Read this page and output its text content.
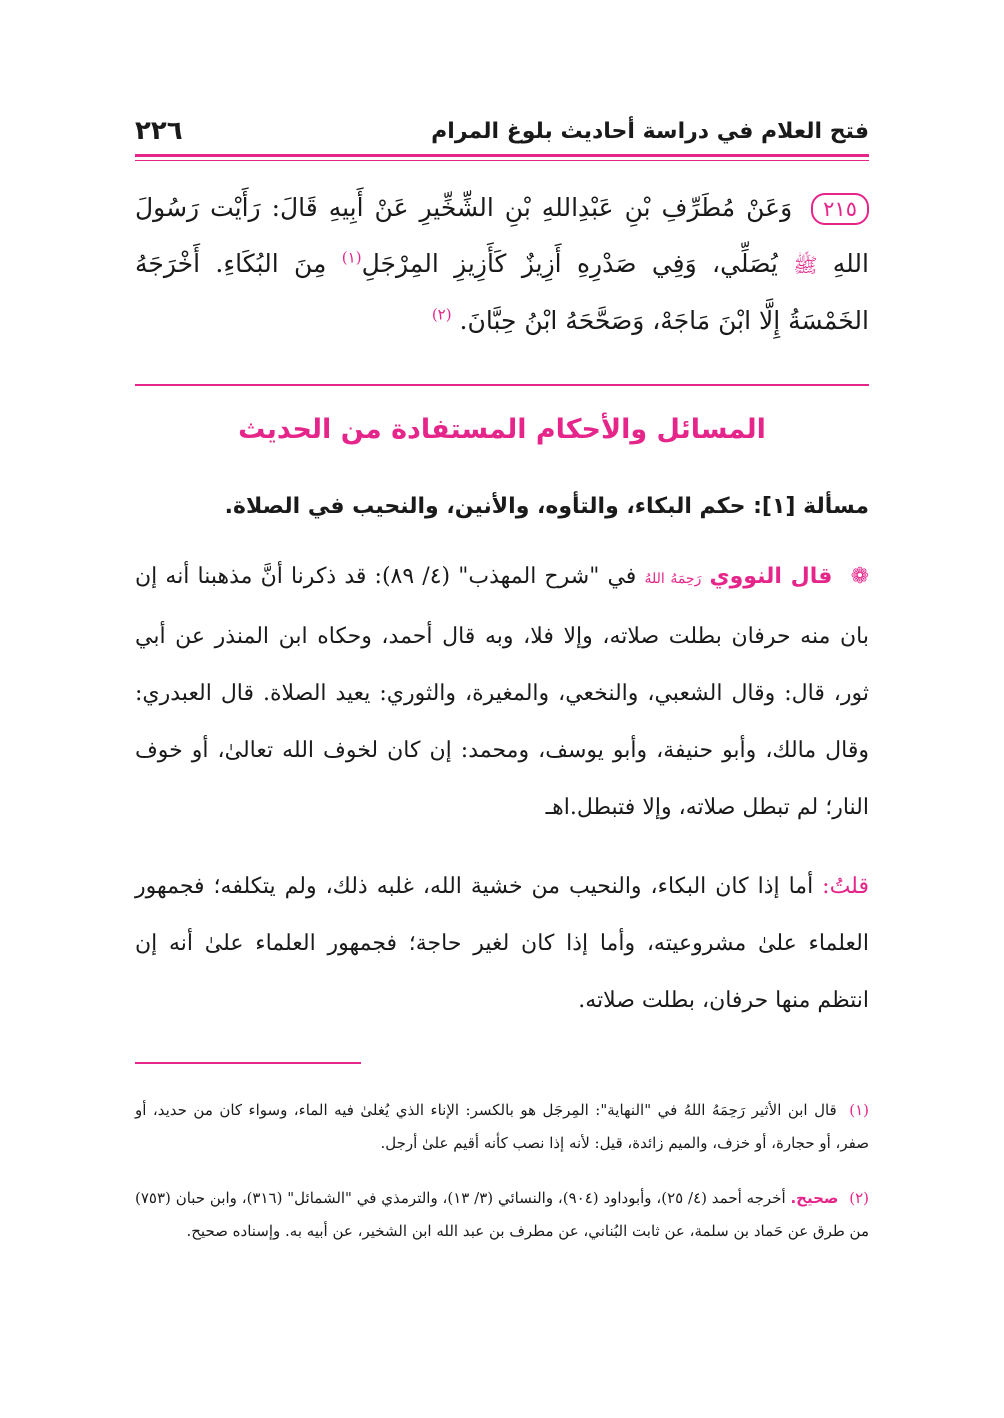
فتح العلام في دراسة أحاديث بلوغ المرام
٢٢٦
٢١٥ وَعَنْ مُطَرِّفِ بْنِ عَبْدِاللهِ بْنِ الشِّخِّيرِ عَنْ أَبِيهِ قَالَ: رَأَيْت رَسُولَ اللهِ ﷺ يُصَلِّي، وَفِي صَدْرِهِ أَزِيزٌ كَأَزِيزِ المِرْجَلِ$^{(١)}$ مِنَ البُكَاءِ. أَخْرَجَهُ الخَمْسَةُ إِلَّا ابْنَ مَاجَهْ، وَصَحَّحَهُ ابْنُ حِبَّانَ. $^{(٢)}$
المسائل والأحكام المستفادة من الحديث
مسألة [١]: حكم البكاء، والتأوه، والأنين، والنحيب في الصلاة.
❁ قال النووي رَحِمَهُ اللهُ في "شرح المهذب" (٤/ ٨٩): قد ذكرنا أنَّ مذهبنا أنه إن بان منه حرفان بطلت صلاته، وإلا فلا، وبه قال أحمد، وحكاه ابن المنذر عن أبي ثور، قال: وقال الشعبي، والنخعي، والمغيرة، والثوري: يعيد الصلاة. قال العبدري: وقال مالك، وأبو حنيفة، وأبو يوسف، ومحمد: إن كان لخوف الله تعالىٰ، أو خوف النار؛ لم تبطل صلاته، وإلا فتبطل.اهـ
قلتُ: أما إذا كان البكاء، والنحيب من خشية الله، غلبه ذلك، ولم يتكلفه؛ فجمهور العلماء علىٰ مشروعيته، وأما إذا كان لغير حاجة؛ فجمهور العلماء علىٰ أنه إن انتظم منها حرفان، بطلت صلاته.
(١) قال ابن الأثير رَحِمَهُ اللهُ في "النهاية": المِرجَل هو بالكسر: الإناء الذي يُغلىٰ فيه الماء، وسواء كان من حديد، أو صفر، أو حجارة، أو خزف، والميم زائدة، قيل: لأنه إذا نصب كأنه أقيم علىٰ أرجل.
(٢) صحيح. أخرجه أحمد (٤/ ٢٥)، وأبوداود (٩٠٤)، والنسائي (٣/ ١٣)، والترمذي في "الشمائل" (٣١٦)، وابن حبان (٧٥٣) من طرق عن حَماد بن سلمة، عن ثابت البُناني، عن مطرف بن عبد الله ابن الشخير، عن أبيه به. وإسناده صحيح.
